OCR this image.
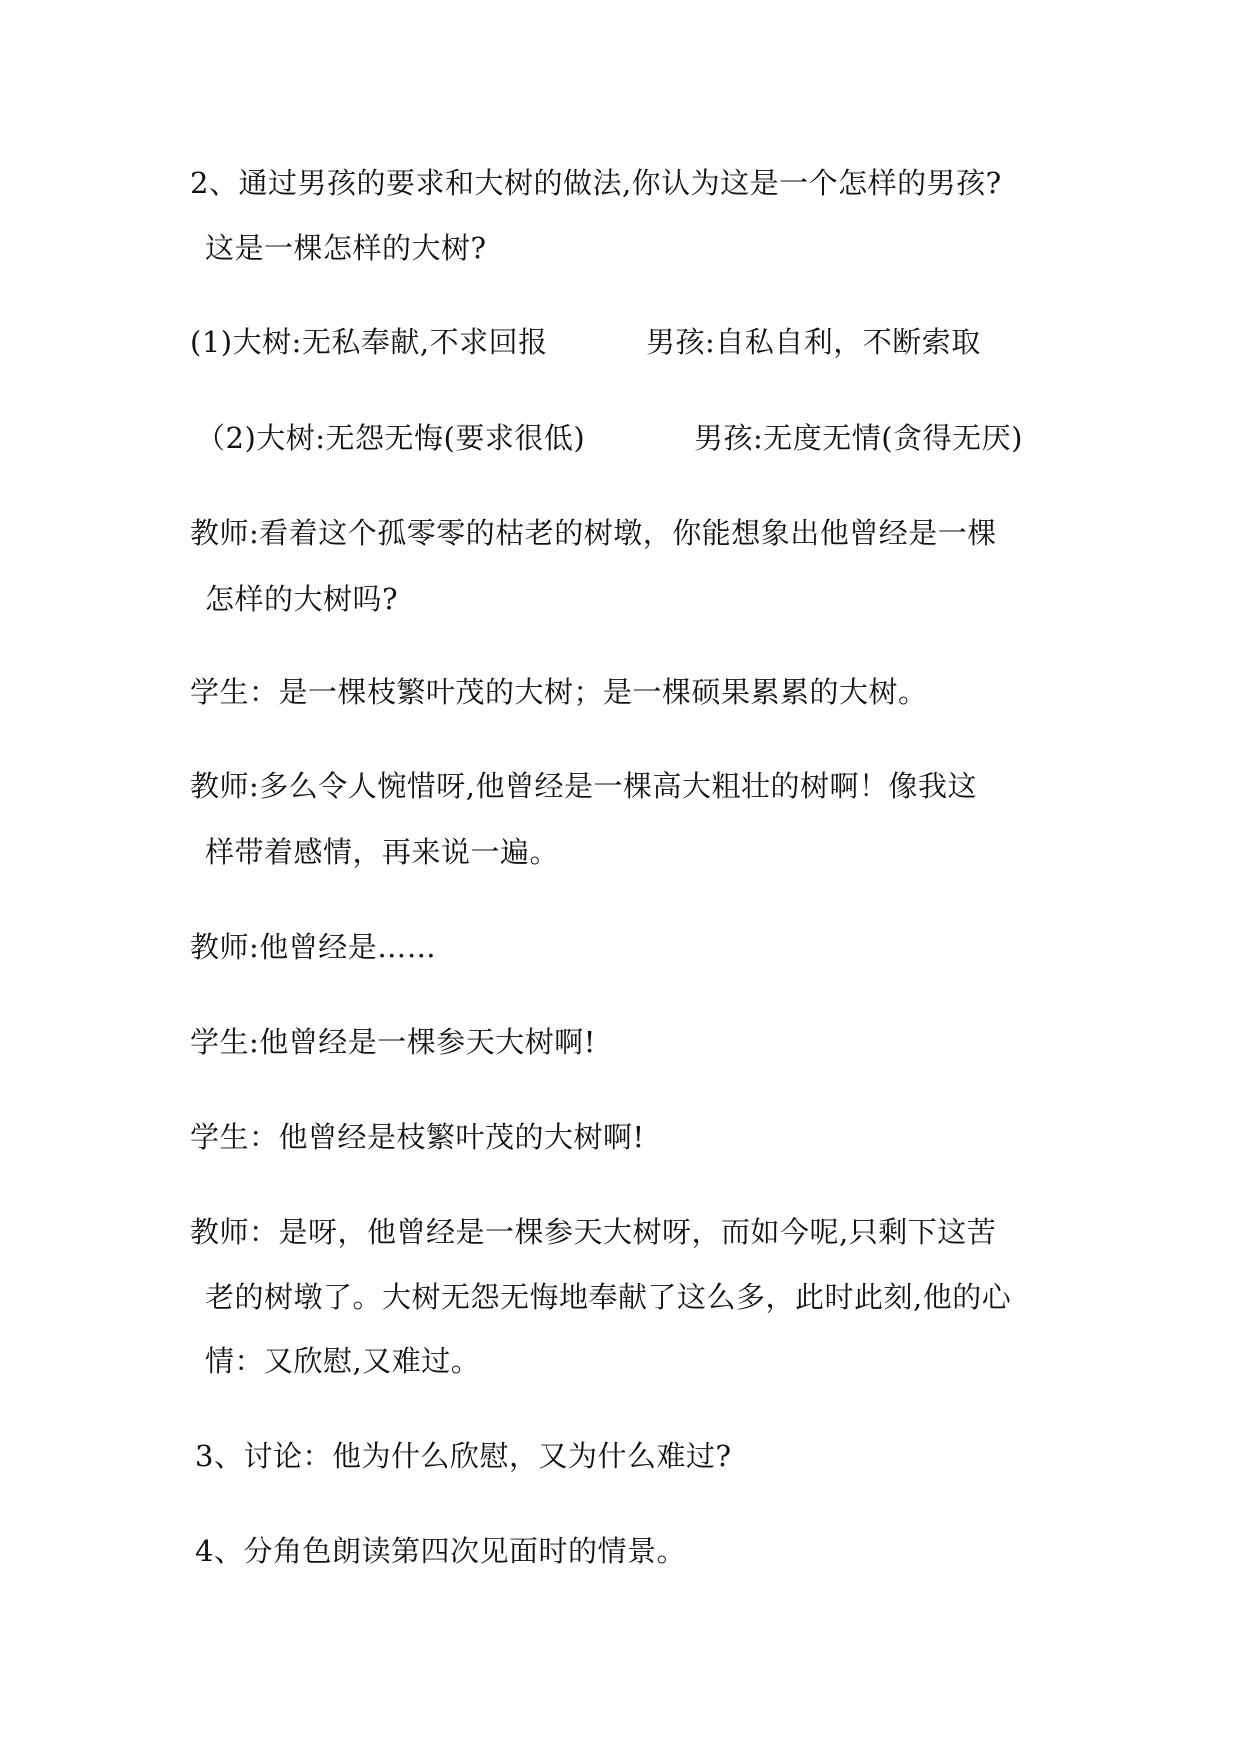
2、通过男孩的要求和大树的做法,你认为这是一个怎样的男孩?
这是一棵怎样的大树?
(1)大树:无私奉献,不求回报	男孩:自私自利，不断索取
（2)大树:无怨无悔(要求很低)	男孩:无度无情(贪得无厌)
教师:看着这个孤零零的枯老的树墩，你能想象出他曾经是一棵
怎样的大树吗?
学生：是一棵枝繁叶茂的大树；是一棵硕果累累的大树。
教师:多么令人惋惜呀,他曾经是一棵高大粗壮的树啊！像我这
样带着感情，再来说一遍。
教师:他曾经是……
学生:他曾经是一棵参天大树啊!
学生：他曾经是枝繁叶茂的大树啊!
教师：是呀，他曾经是一棵参天大树呀，而如今呢,只剩下这苦
老的树墩了。大树无怨无悔地奉献了这么多，此时此刻,他的心
情：又欣慰,又难过。
3、讨论：他为什么欣慰，又为什么难过?
4、分角色朗读第四次见面时的情景。
